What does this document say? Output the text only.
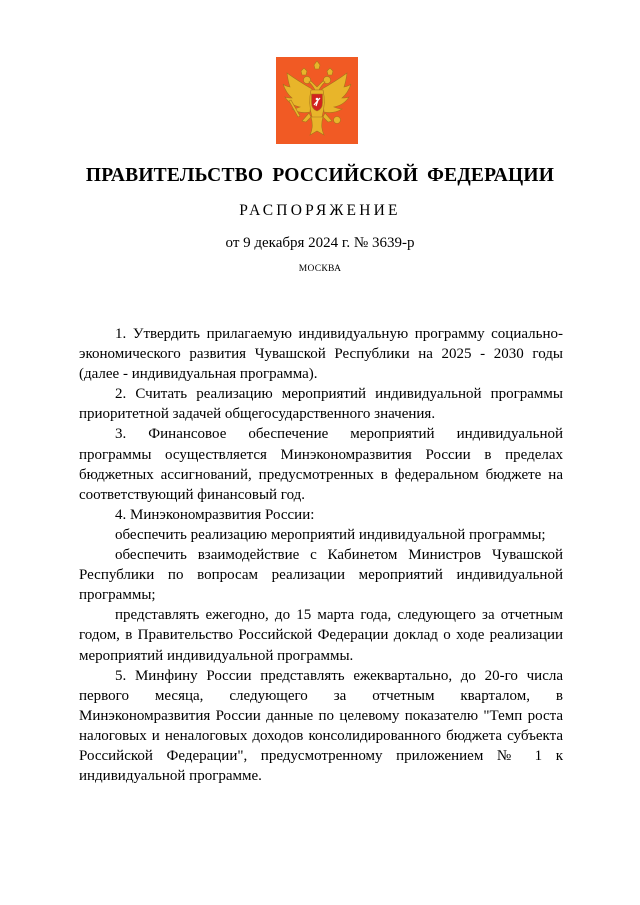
ПРАВИТЕЛЬСТВО РОССИЙСКОЙ ФЕДЕРАЦИИ
РАСПОРЯЖЕНИЕ
от 9 декабря 2024 г. № 3639-р
МОСКВА

1. Утвердить прилагаемую индивидуальную программу социально-экономического развития Чувашской Республики на 2025 - 2030 годы (далее - индивидуальная программа).

2. Считать реализацию мероприятий индивидуальной программы приоритетной задачей общегосударственного значения.

3. Финансовое обеспечение мероприятий индивидуальной программы осуществляется Минэкономразвития России в пределах бюджетных ассигнований, предусмотренных в федеральном бюджете на соответствующий финансовый год.

4. Минэкономразвития России:

обеспечить реализацию мероприятий индивидуальной программы;

обеспечить взаимодействие с Кабинетом Министров Чувашской Республики по вопросам реализации мероприятий индивидуальной программы;

представлять ежегодно, до 15 марта года, следующего за отчетным годом, в Правительство Российской Федерации доклад о ходе реализации мероприятий индивидуальной программы.

5. Минфину России представлять ежеквартально, до 20-го числа первого месяца, следующего за отчетным кварталом, в Минэкономразвития России данные по целевому показателю "Темп роста налоговых и неналоговых доходов консолидированного бюджета субъекта Российской Федерации", предусмотренному приложением № 1 к индивидуальной программе.
